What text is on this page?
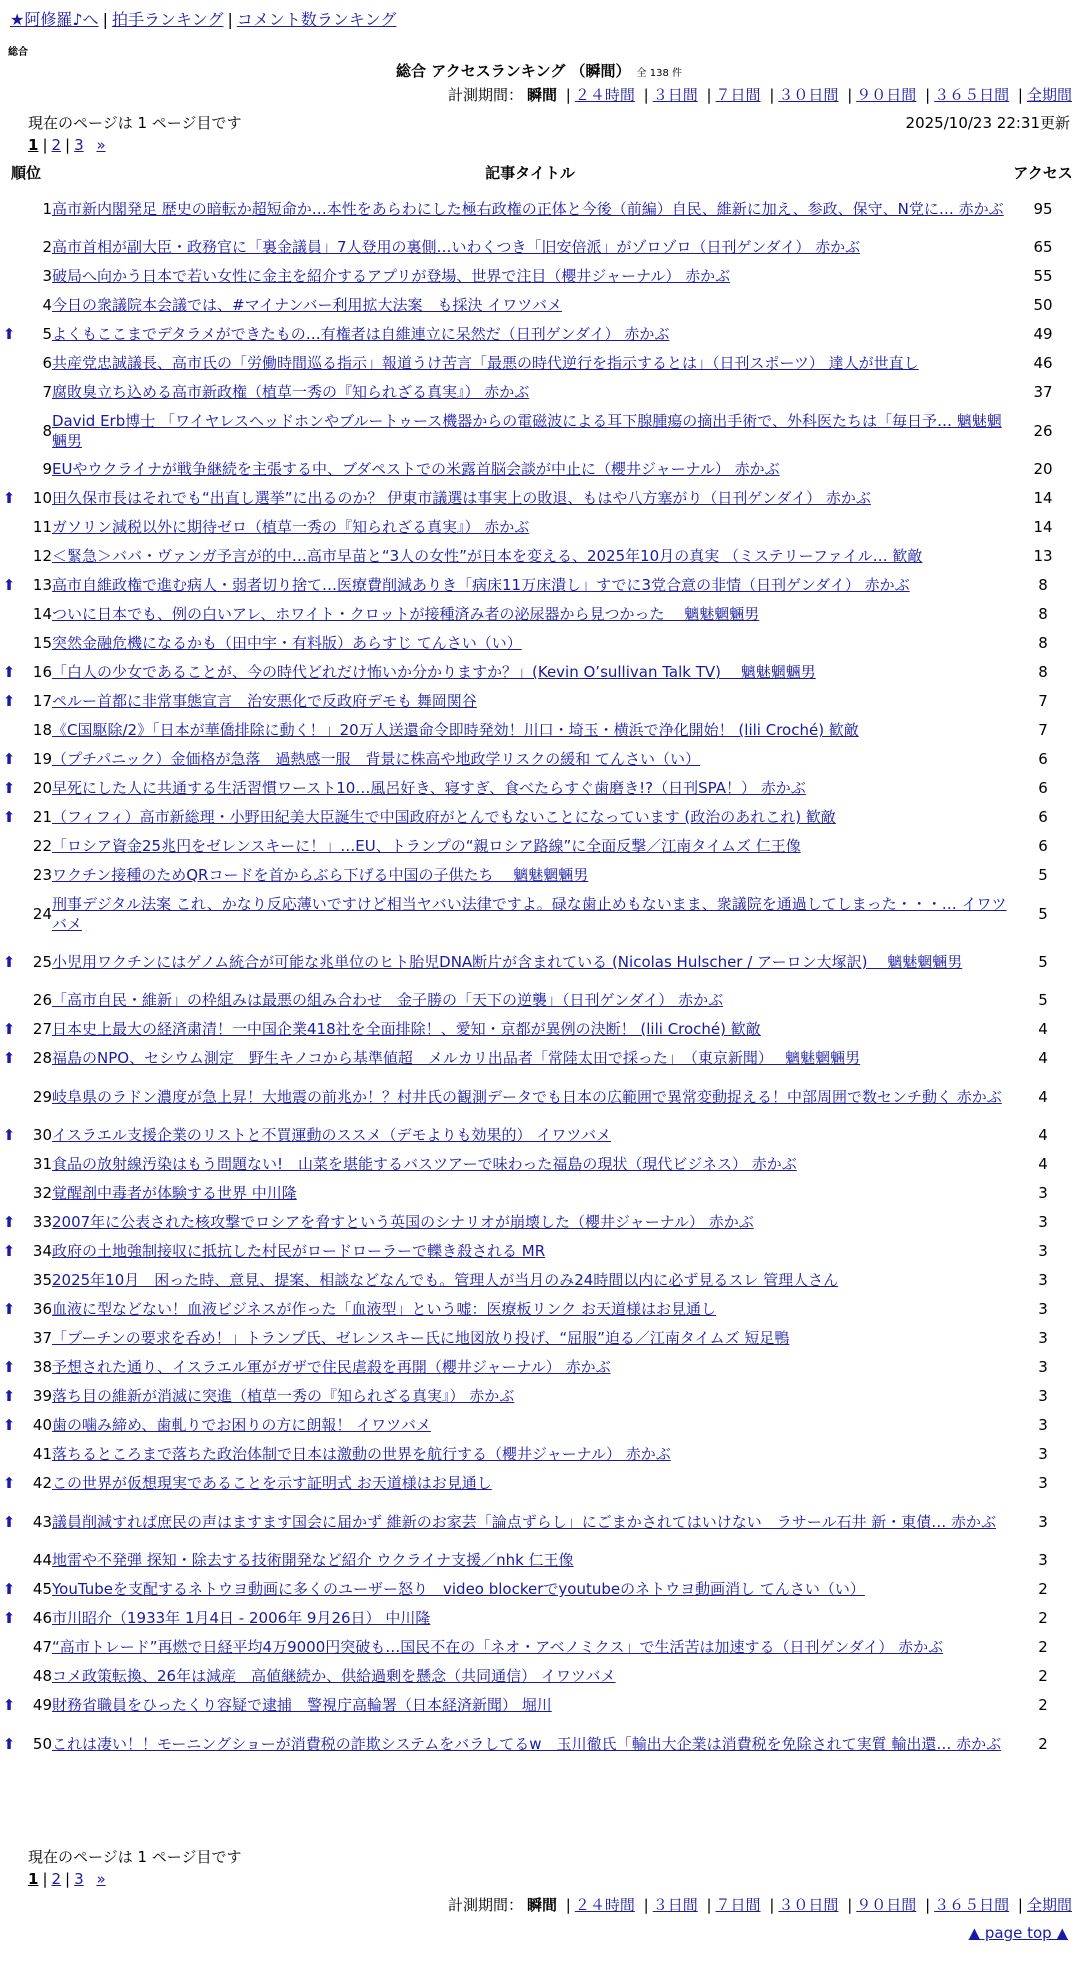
★阿修羅♪へ | 拍手ランキング | コメント数ランキング
総合
総合 アクセスランキング （瞬間） 全 138 件
計測期間： 瞬間 | ２４時間 | ３日間 | ７日間 | ３０日間 | ９０日間 | ３６５日間 | 全期間
現在のページは 1 ページ目です	2025/10/23 22:31更新
1 | 2 | 3 »
順位		記事タイトル	アクセス
	1	高市新内閣発足 歴史の暗転か超短命か…本性をあらわにした極右政権の正体と今後（前編）自民、維新に加え、参政、保守、N党に… 赤かぶ	95
	2	高市首相が副大臣・政務官に「裏金議員」7人登用の裏側…いわくつき「旧安倍派」がゾロゾロ（日刊ゲンダイ） 赤かぶ	65
	3	破局へ向かう日本で若い女性に金主を紹介するアプリが登場、世界で注目（櫻井ジャーナル） 赤かぶ	55
	4	今日の衆議院本会議では、#マイナンバー利用拡大法案　も採決 イワツバメ	50
⬆	5	よくもここまでデタラメができたもの…有権者は自維連立に呆然だ（日刊ゲンダイ） 赤かぶ	49
	6	共産党忠誠議長、高市氏の「労働時間巡る指示」報道うけ苦言「最悪の時代逆行を指示するとは」（日刊スポーツ） 達人が世直し	46
	7	腐敗臭立ち込める高市新政権（植草一秀の『知られざる真実』） 赤かぶ	37
	8	David Erb博士 「ワイヤレスヘッドホンやブルートゥース機器からの電磁波による耳下腺腫瘍の摘出手術で、外科医たちは「毎日予… 魑魅魍魎男	26
	9	EUやウクライナが戦争継続を主張する中、ブダペストでの米露首脳会談が中止に（櫻井ジャーナル） 赤かぶ	20
⬆	10	田久保市長はそれでも“出直し選挙”に出るのか？ 伊東市議選は事実上の敗退、もはや八方塞がり（日刊ゲンダイ） 赤かぶ	14
	11	ガソリン減税以外に期待ゼロ（植草一秀の『知られざる真実』） 赤かぶ	14
	12	＜緊急＞ババ・ヴァンガ予言が的中…高市早苗と“3人の女性”が日本を変える、2025年10月の真実 （ミステリーファイル… 歓敵	13
⬆	13	高市自維政権で進む病人・弱者切り捨て…医療費削減ありき「病床11万床潰し」すでに3党合意の非情（日刊ゲンダイ） 赤かぶ	8
	14	ついに日本でも、例の白いアレ、ホワイト・クロットが接種済み者の泌尿器から見つかった　 魑魅魍魎男	8
	15	突然金融危機になるかも（田中宇・有料版）あらすじ てんさい（い）	8
⬆	16	「白人の少女であることが、今の時代どれだけ怖いか分かりますか？」(Kevin O’sullivan Talk TV)　 魑魅魍魎男	8
⬆	17	ペルー首都に非常事態宣言　治安悪化で反政府デモも 舞岡関谷	7
	18	《C国駆除/2》「日本が華僑排除に動く！」20万人送還命令即時発効！川口・埼玉・横浜で浄化開始！ (lili Croché) 歓敵	7
⬆	19	（プチパニック）金価格が急落　過熱感一服　背景に株高や地政学リスクの緩和 てんさい（い）	6
⬆	20	早死にした人に共通する生活習慣ワースト10…風呂好き、寝すぎ、食べたらすぐ歯磨き!?（日刊SPA！） 赤かぶ	6
⬆	21	（フィフィ）高市新総理・小野田紀美大臣誕生で中国政府がとんでもないことになっています (政治のあれこれ) 歓敵	6
	22	「ロシア資金25兆円をゼレンスキーに！」…EU、トランプの“親ロシア路線”に全面反撃／江南タイムズ 仁王像	6
	23	ワクチン接種のためQRコードを首からぶら下げる中国の子供たち　 魑魅魍魎男	5
	24	刑事デジタル法案 これ、かなり反応薄いですけど相当ヤバい法律ですよ。碌な歯止めもないまま、衆議院を通過してしまった・・・… イワツバメ	5
⬆	25	小児用ワクチンにはゲノム統合が可能な兆単位のヒト胎児DNA断片が含まれている (Nicolas Hulscher / アーロン大塚訳)　 魑魅魍魎男	5
	26	「高市自民・維新」の枠組みは最悪の組み合わせ　金子勝の「天下の逆襲」（日刊ゲンダイ） 赤かぶ	5
⬆	27	日本史上最大の経済粛清！一中国企業418社を全面排除！、愛知・京都が異例の決断！ (lili Croché) 歓敵	4
⬆	28	福島のNPO、セシウム測定　野生キノコから基準値超　メルカリ出品者「常陸太田で採った」　（東京新聞）　 魑魅魍魎男	4
	29	岐阜県のラドン濃度が急上昇！大地震の前兆か！？村井氏の観測データでも日本の広範囲で異常変動捉える！中部周囲で数センチ動く 赤かぶ	4
⬆	30	イスラエル支援企業のリストと不買運動のススメ（デモよりも効果的） イワツバメ	4
	31	食品の放射線汚染はもう問題ない!　山菜を堪能するバスツアーで味わった福島の現状（現代ビジネス） 赤かぶ	4
	32	覚醒剤中毒者が体験する世界 中川隆	3
⬆	33	2007年に公表された核攻撃でロシアを脅すという英国のシナリオが崩壊した（櫻井ジャーナル） 赤かぶ	3
⬆	34	政府の土地強制接収に抵抗した村民がロードローラーで轢き殺される MR	3
	35	2025年10月　困った時、意見、提案、相談などなんでも。管理人が当月のみ24時間以内に必ず見るスレ 管理人さん	3
⬆	36	血液に型などない！血液ビジネスが作った「血液型」という嘘：医療板リンク お天道様はお見通し	3
	37	「プーチンの要求を呑め！」トランプ氏、ゼレンスキー氏に地図放り投げ、“屈服”迫る／江南タイムズ 短足鴨	3
⬆	38	予想された通り、イスラエル軍がガザで住民虐殺を再開（櫻井ジャーナル） 赤かぶ	3
⬆	39	落ち目の維新が消滅に突進（植草一秀の『知られざる真実』） 赤かぶ	3
⬆	40	歯の噛み締め、歯軋りでお困りの方に朗報！ イワツバメ	3
	41	落ちるところまで落ちた政治体制で日本は激動の世界を航行する（櫻井ジャーナル） 赤かぶ	3
⬆	42	この世界が仮想現実であることを示す証明式 お天道様はお見通し	3
⬆	43	議員削減すれば庶民の声はますます国会に届かず 維新のお家芸「論点ずらし」にごまかされてはいけない　ラサール石井 新・東債… 赤かぶ	3
	44	地雷や不発弾 探知・除去する技術開発など紹介 ウクライナ支援／nhk 仁王像	3
⬆	45	YouTubeを支配するネトウヨ動画に多くのユーザー怒り　video blockerでyoutubeのネトウヨ動画消し てんさい（い）	2
⬆	46	市川昭介（1933年 1月4日 - 2006年 9月26日） 中川隆	2
	47	“高市トレード”再燃で日経平均4万9000円突破も…国民不在の「ネオ・アベノミクス」で生活苦は加速する（日刊ゲンダイ） 赤かぶ	2
	48	コメ政策転換、26年は減産　高値継続か、供給過剰を懸念（共同通信） イワツバメ	2
⬆	49	財務省職員をひったくり容疑で逮捕　警視庁高輪署（日本経済新聞） 堀川	2
⬆	50	これは凄い！！モーニングショーが消費税の詐欺システムをバラしてるw　玉川徹氏「輸出大企業は消費税を免除されて実質 輸出還… 赤かぶ	2
現在のページは 1 ページ目です
1 | 2 | 3 »
計測期間： 瞬間 | ２４時間 | ３日間 | ７日間 | ３０日間 | ９０日間 | ３６５日間 | 全期間
▲ page top ▲
